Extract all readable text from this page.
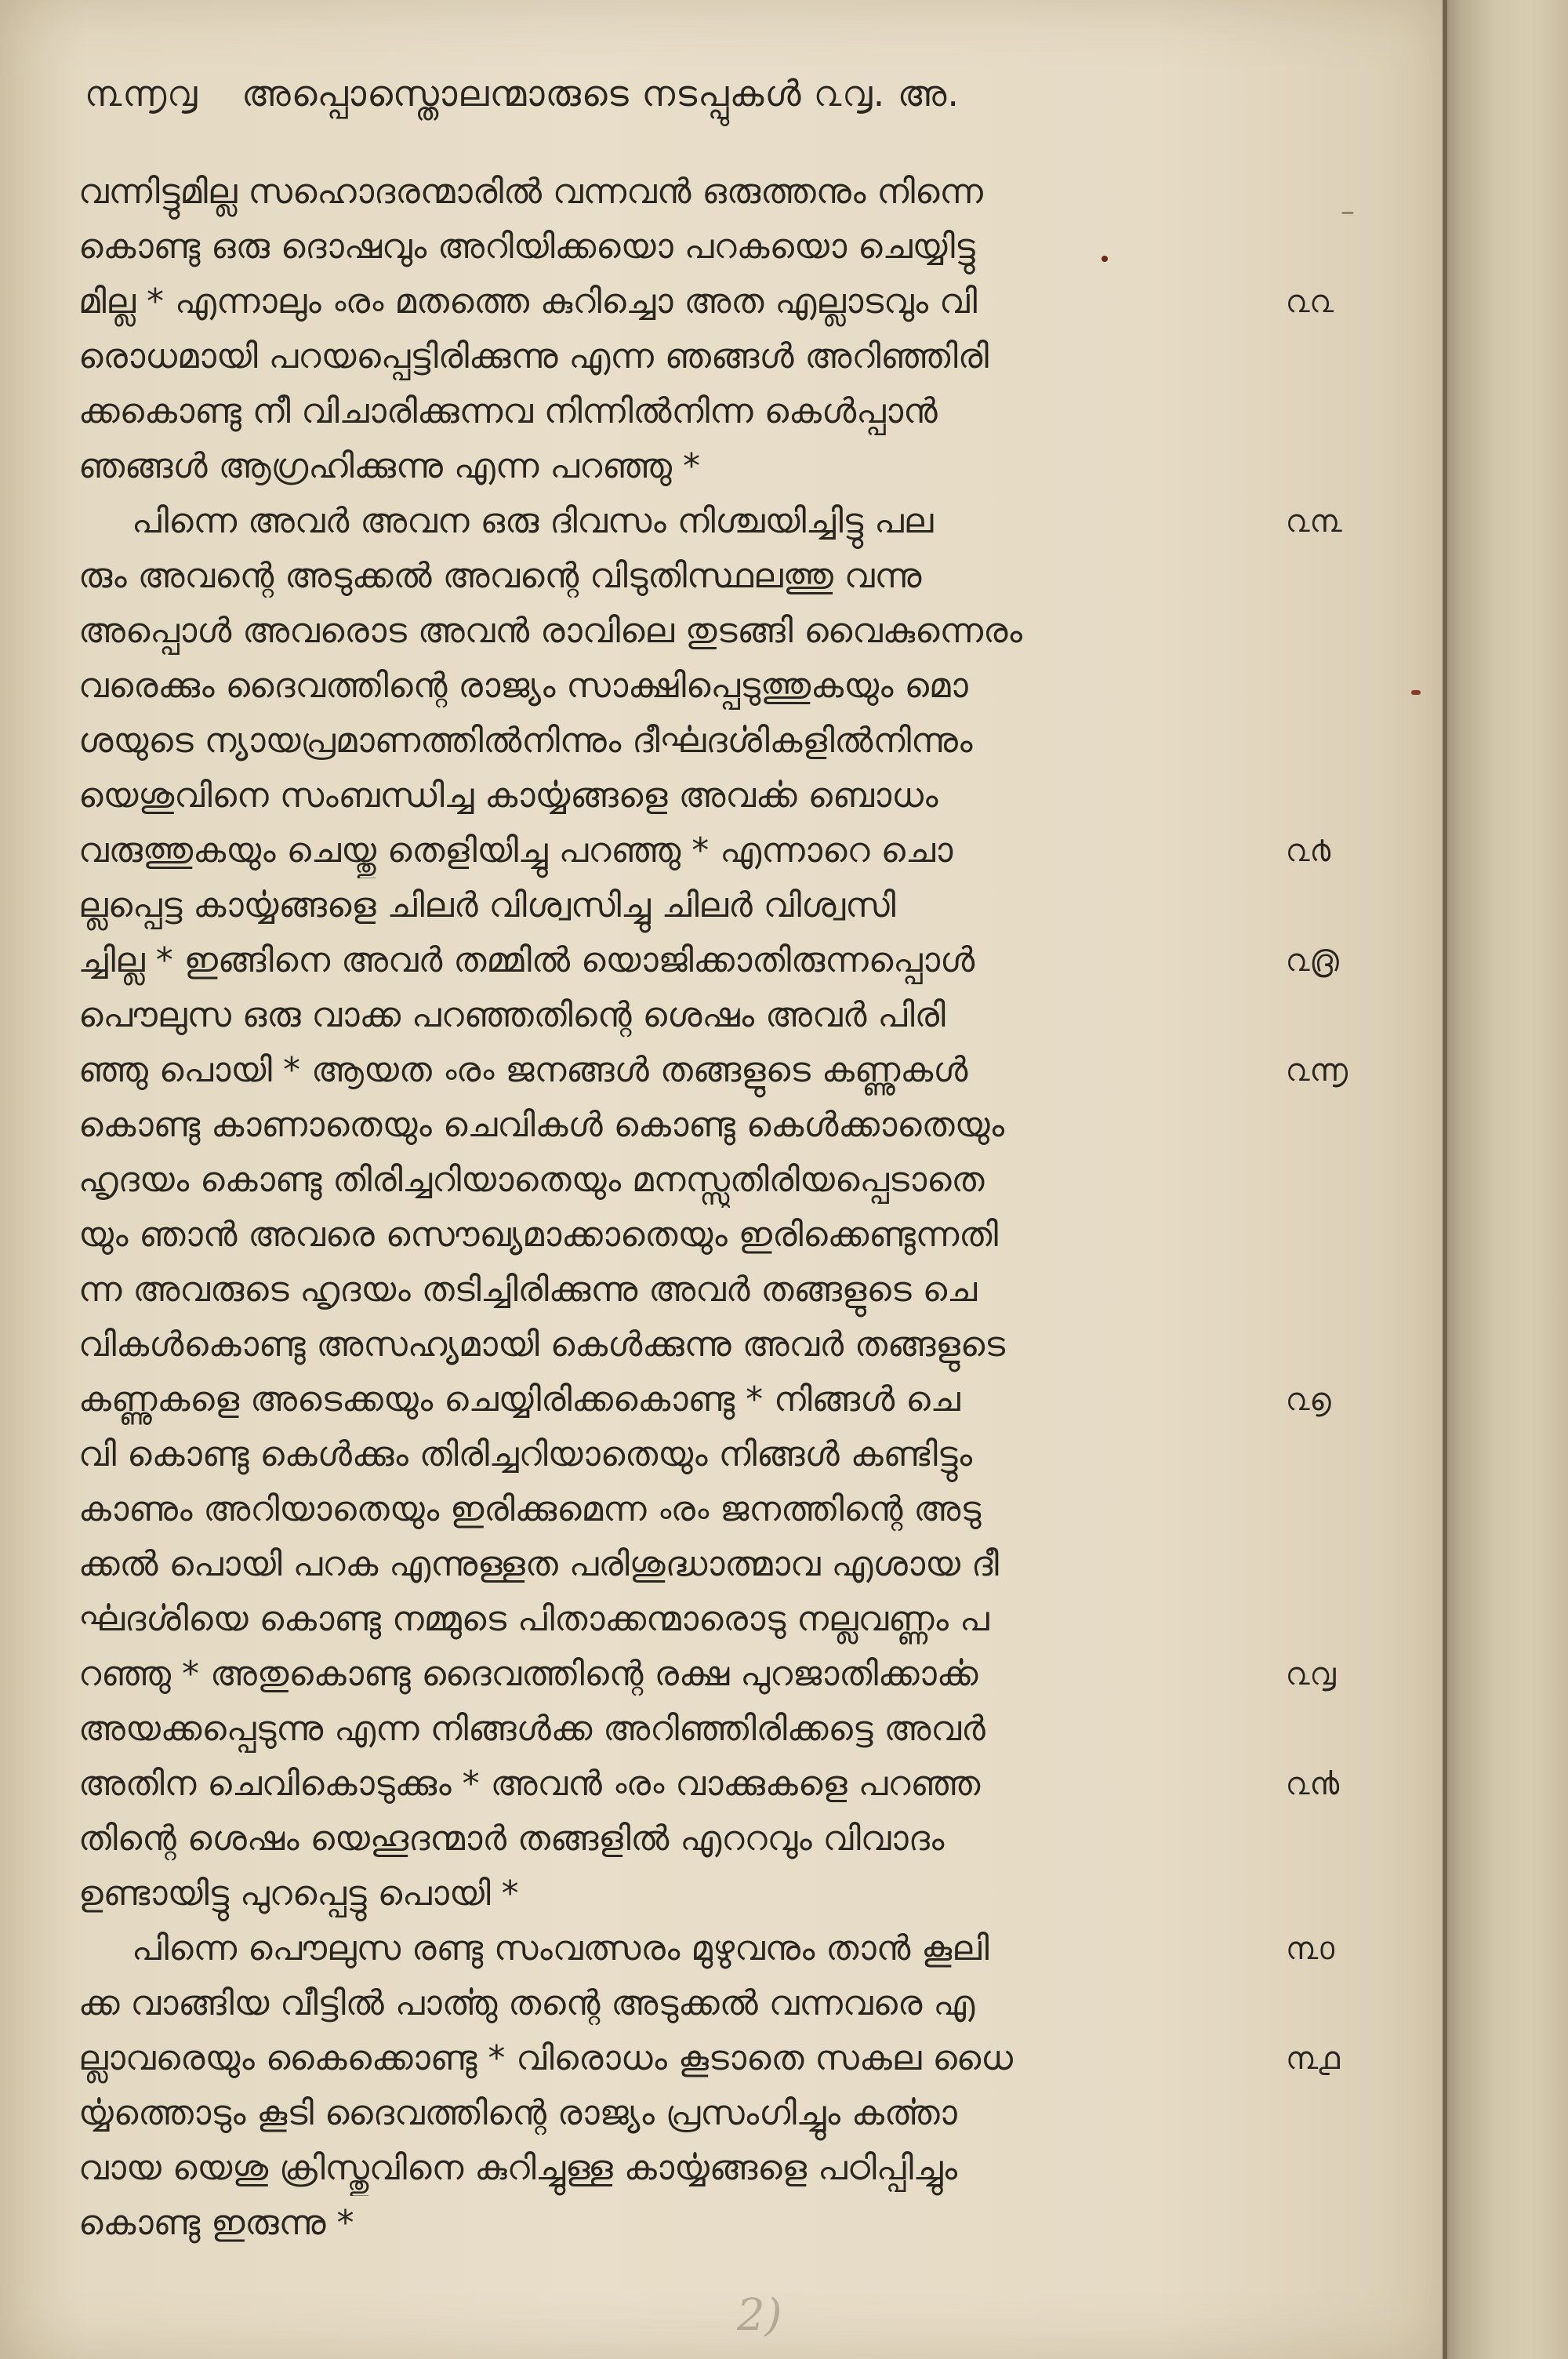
൩൬൮ അപ്പൊസ്തൊലന്മാരുടെ നടപ്പുകൾ ൨൮. അ.
വന്നിട്ടുമില്ല സഹൊദരന്മാരിൽ വന്നവൻ ഒരുത്തനും നിന്നെ
കൊണ്ടു ഒരു ദൊഷവും അറിയിക്കയൊ പറകയൊ ചെയ്യിട്ടു
മില്ല * എന്നാലും ൟ മതത്തെ കുറിച്ചൊ അത എല്ലാടവും വി
രൊധമായി പറയപ്പെട്ടിരിക്കുന്നു എന്ന ഞങ്ങൾ അറിഞ്ഞിരി
ക്കകൊണ്ടു നീ വിചാരിക്കുന്നവ നിന്നിൽനിന്ന കെൾപ്പാൻ
ഞങ്ങൾ ആഗ്രഹിക്കുന്നു എന്ന പറഞ്ഞു *
പിന്നെ അവർ അവന ഒരു ദിവസം നിശ്ചയിച്ചിട്ടു പല
രും അവന്റെ അടുക്കൽ അവന്റെ വിടുതിസ്ഥലത്തു വന്നു
അപ്പൊൾ അവരൊട അവൻ രാവിലെ തുടങ്ങി വൈകുന്നെരം
വരെക്കും ദൈവത്തിന്റെ രാജ്യം സാക്ഷിപ്പെടുത്തുകയും മൊ
ശയുടെ ന്യായപ്രമാണത്തിൽനിന്നും ദീൎഘദൎശികളിൽനിന്നും
യെശുവിനെ സംബന്ധിച്ച കാൎയ്യങ്ങളെ അവൎക്ക ബൊധം
വരുത്തുകയും ചെയ്തു തെളിയിച്ചു പറഞ്ഞു * എന്നാറെ ചൊ
ല്ലപ്പെട്ട കാൎയ്യങ്ങളെ ചിലർ വിശ്വസിച്ചു ചിലർ വിശ്വസി
ച്ചില്ല * ഇങ്ങിനെ അവർ തമ്മിൽ യൊജിക്കാതിരുന്നപ്പൊൾ
പൌലുസ ഒരു വാക്ക പറഞ്ഞതിന്റെ ശെഷം അവർ പിരി
ഞ്ഞു പൊയി * ആയത ൟ ജനങ്ങൾ തങ്ങളുടെ കണ്ണുകൾ
കൊണ്ടു കാണാതെയും ചെവികൾ കൊണ്ടു കെൾക്കാതെയും
ഹൃദയം കൊണ്ടു തിരിച്ചറിയാതെയും മനസ്സുതിരിയപ്പെടാതെ
യും ഞാൻ അവരെ സൌഖ്യമാക്കാതെയും ഇരിക്കെണ്ടുന്നതി
ന്ന അവരുടെ ഹൃദയം തടിച്ചിരിക്കുന്നു അവർ തങ്ങളുടെ ചെ
വികൾകൊണ്ടു അസഹ്യമായി കെൾക്കുന്നു അവർ തങ്ങളുടെ
കണ്ണുകളെ അടെക്കയും ചെയ്യിരിക്കകൊണ്ടു * നിങ്ങൾ ചെ
വി കൊണ്ടു കെൾക്കും തിരിച്ചറിയാതെയും നിങ്ങൾ കണ്ടിട്ടും
കാണും അറിയാതെയും ഇരിക്കുമെന്ന ൟ ജനത്തിന്റെ അടു
ക്കൽ പൊയി പറക എന്നുള്ളത പരിശുദ്ധാത്മാവ എശായ ദീ
ൎഘദൎശിയെ കൊണ്ടു നമ്മുടെ പിതാക്കന്മാരൊടു നല്ലവണ്ണം പ
റഞ്ഞു * അതുകൊണ്ടു ദൈവത്തിന്റെ രക്ഷ പുറജാതിക്കാൎക്ക
അയക്കപ്പെടുന്നു എന്ന നിങ്ങൾക്ക അറിഞ്ഞിരിക്കട്ടെ അവർ
അതിന ചെവികൊടുക്കും * അവൻ ൟ വാക്കുകളെ പറഞ്ഞ
തിന്റെ ശെഷം യെഹൂദന്മാർ തങ്ങളിൽ എററവും വിവാദം
ഉണ്ടായിട്ടു പുറപ്പെട്ടു പൊയി *
പിന്നെ പൌലുസ രണ്ടു സംവത്സരം മുഴുവനും താൻ കൂലി
ക്ക വാങ്ങിയ വീട്ടിൽ പാൎത്തു തന്റെ അടുക്കൽ വന്നവരെ എ
ല്ലാവരെയും കൈക്കൊണ്ടു * വിരൊധം കൂടാതെ സകല ധൈ
ൎയ്യത്തൊടും കൂടി ദൈവത്തിന്റെ രാജ്യം പ്രസംഗിച്ചും കൎത്താ
വായ യെശു ക്രിസ്തുവിനെ കുറിച്ചുള്ള കാൎയ്യങ്ങളെ പഠിപ്പിച്ചും
കൊണ്ടു ഇരുന്നു *
൨൨
൨൩
൨൪
൨൫
൨൬
൨൭
൨൮
൨൯
൩൦
൩൧
_
2)
